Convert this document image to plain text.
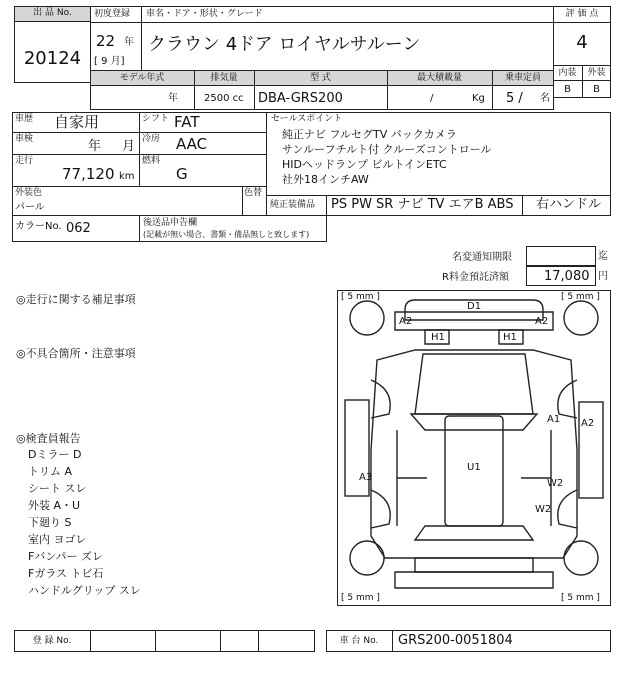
出 品 No.
20124
初度登録
22 年
[ 9 月]
車名・ドア・形状・グレード
クラウン 4ドア ロイヤルサルーン
評 価 点
4
内装	外装
B	B
モデル年式	排気量	型 式	最大積載量	乗車定員
年	2500 cc DBA-GRS200	/	Kg 5 / 名
車歴 自家用	シフト FAT
車検	年 月 冷房 AAC
走行
77,120 km
燃料
G
外装色
パール
色替
カラーNo. 062	後送品申告欄
(記載が無い場合、書類・備品無しと致します)
セールスポイント
純正ナビ フルセグTV バックカメラ
サンルーフチルト付 クルーズコントロール
HIDヘッドランプ ビルトインETC
社外18インチAW
純正装備品 PS PW SR ナビ TV エアB ABS 右ハンドル
名変通知期限	迄
R料金預託済額	17,080 円
◎走行に関する補足事項
◎不具合箇所・注意事項
◎検査員報告
Dミラー D
トリム A
シート スレ
外装 A・U
下廻り S
室内 ヨゴレ
Fバンパー ズレ
Fガラス トビ石
ハンドルグリップ スレ
[ 5 mm ]	[ 5 mm ]
[ 5 mm ]	[ 5 mm ]
D1
A2	A2
H1	H1
A1 A2
A3
U1
W2
W2
登 録 No.	車 台 No.	GRS200-0051804
